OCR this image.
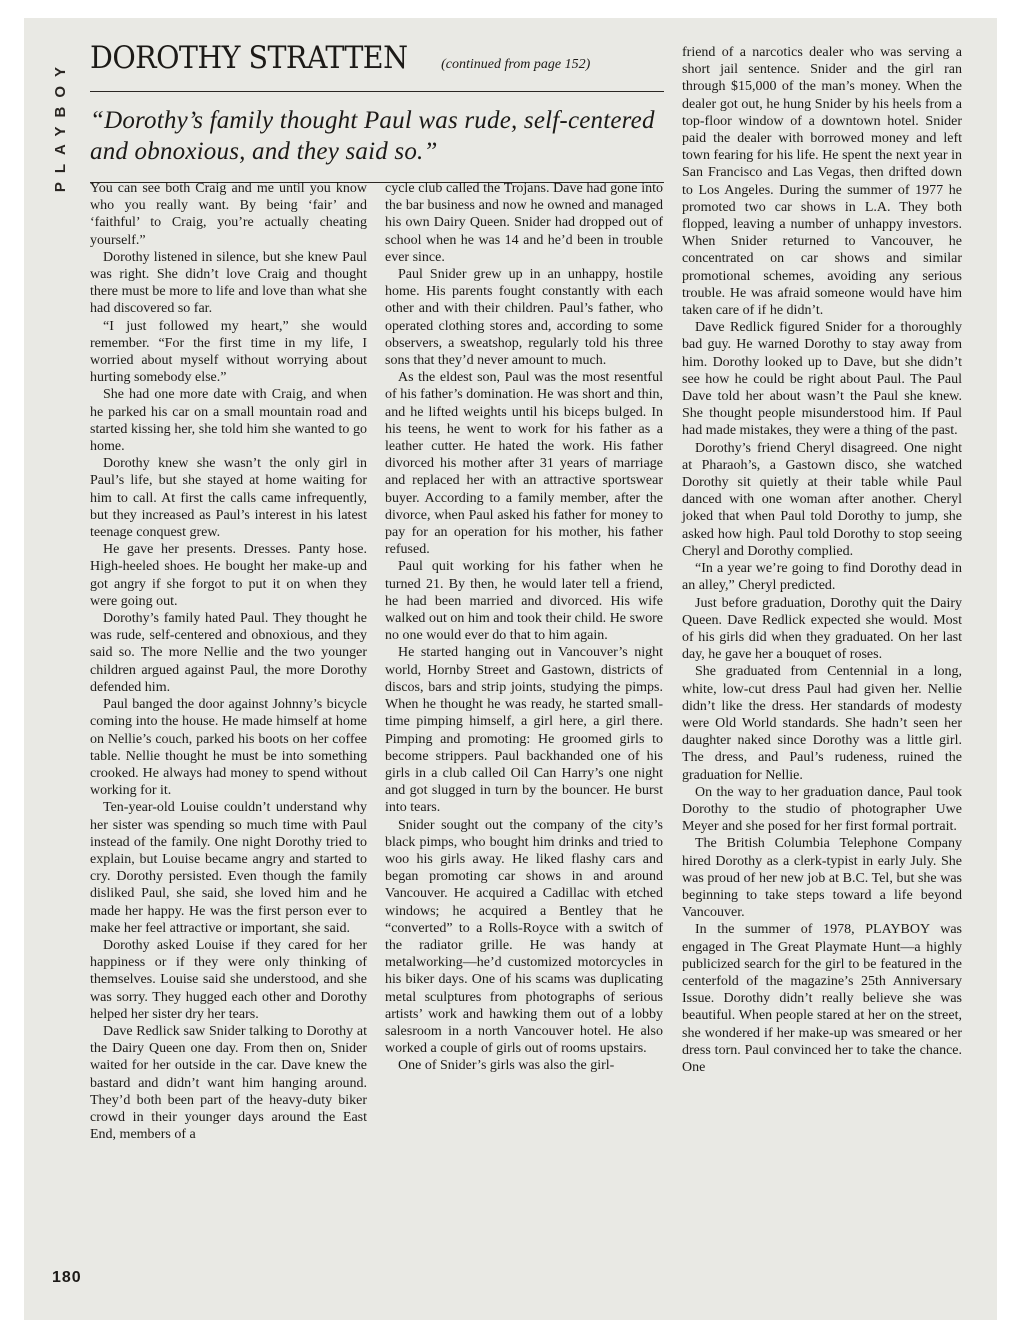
PLAYBOY DOROTHY STRATTEN (continued from page 152)
“Dorothy’s family thought Paul was rude, self-centered and obnoxious, and they said so.”

You can see both Craig and me until you know who you really want. By being ‘fair’ and ‘faithful’ to Craig, you’re actually cheating yourself.”

Dorothy listened in silence, but she knew Paul was right. She didn’t love Craig and thought there must be more to life and love than what she had discovered so far.

“I just followed my heart,” she would remember. “For the first time in my life, I worried about myself without worrying about hurting somebody else.”

She had one more date with Craig, and when he parked his car on a small mountain road and started kissing her, she told him she wanted to go home.

Dorothy knew she wasn’t the only girl in Paul’s life, but she stayed at home waiting for him to call. At first the calls came infrequently, but they increased as Paul’s interest in his latest teenage conquest grew.

He gave her presents. Dresses. Panty hose. High-heeled shoes. He bought her make-up and got angry if she forgot to put it on when they were going out.

Dorothy’s family hated Paul. They thought he was rude, self-centered and obnoxious, and they said so. The more Nellie and the two younger children argued against Paul, the more Dorothy defended him.

Paul banged the door against Johnny’s bicycle coming into the house. He made himself at home on Nellie’s couch, parked his boots on her coffee table. Nellie thought he must be into something crooked. He always had money to spend without working for it.

Ten-year-old Louise couldn’t understand why her sister was spending so much time with Paul instead of the family. One night Dorothy tried to explain, but Louise became angry and started to cry. Dorothy persisted. Even though the family disliked Paul, she said, she loved him and he made her happy. He was the first person ever to make her feel attractive or important, she said.

Dorothy asked Louise if they cared for her happiness or if they were only thinking of themselves. Louise said she understood, and she was sorry. They hugged each other and Dorothy helped her sister dry her tears.

Dave Redlick saw Snider talking to Dorothy at the Dairy Queen one day. From then on, Snider waited for her outside in the car. Dave knew the bastard and didn’t want him hanging around. They’d both been part of the heavy-duty biker crowd in their younger days around the East End, members of a

cycle club called the Trojans. Dave had gone into the bar business and now he owned and managed his own Dairy Queen. Snider had dropped out of school when he was 14 and he’d been in trouble ever since.

Paul Snider grew up in an unhappy, hostile home. His parents fought constantly with each other and with their children. Paul’s father, who operated clothing stores and, according to some observers, a sweatshop, regularly told his three sons that they’d never amount to much.

As the eldest son, Paul was the most resentful of his father’s domination. He was short and thin, and he lifted weights until his biceps bulged. In his teens, he went to work for his father as a leather cutter. He hated the work. His father divorced his mother after 31 years of marriage and replaced her with an attractive sportswear buyer. According to a family member, after the divorce, when Paul asked his father for money to pay for an operation for his mother, his father refused.

Paul quit working for his father when he turned 21. By then, he would later tell a friend, he had been married and divorced. His wife walked out on him and took their child. He swore no one would ever do that to him again.

He started hanging out in Vancouver’s night world, Hornby Street and Gastown, districts of discos, bars and strip joints, studying the pimps. When he thought he was ready, he started small-time pimping himself, a girl here, a girl there. Pimping and promoting: He groomed girls to become strippers. Paul backhanded one of his girls in a club called Oil Can Harry’s one night and got slugged in turn by the bouncer. He burst into tears.

Snider sought out the company of the city’s black pimps, who bought him drinks and tried to woo his girls away. He liked flashy cars and began promoting car shows in and around Vancouver. He acquired a Cadillac with etched windows; he acquired a Bentley that he “converted” to a Rolls-Royce with a switch of the radiator grille. He was handy at metalworking—he’d customized motorcycles in his biker days. One of his scams was duplicating metal sculptures from photographs of serious artists’ work and hawking them out of a lobby salesroom in a north Vancouver hotel. He also worked a couple of girls out of rooms upstairs.

One of Snider’s girls was also the girl-

friend of a narcotics dealer who was serving a short jail sentence. Snider and the girl ran through $15,000 of the man’s money. When the dealer got out, he hung Snider by his heels from a top-floor window of a downtown hotel. Snider paid the dealer with borrowed money and left town fearing for his life. He spent the next year in San Francisco and Las Vegas, then drifted down to Los Angeles. During the summer of 1977 he promoted two car shows in L.A. They both flopped, leaving a number of unhappy investors. When Snider returned to Vancouver, he concentrated on car shows and similar promotional schemes, avoiding any serious trouble. He was afraid someone would have him taken care of if he didn’t.

Dave Redlick figured Snider for a thoroughly bad guy. He warned Dorothy to stay away from him. Dorothy looked up to Dave, but she didn’t see how he could be right about Paul. The Paul Dave told her about wasn’t the Paul she knew. She thought people misunderstood him. If Paul had made mistakes, they were a thing of the past.

Dorothy’s friend Cheryl disagreed. One night at Pharaoh’s, a Gastown disco, she watched Dorothy sit quietly at their table while Paul danced with one woman after another. Cheryl joked that when Paul told Dorothy to jump, she asked how high. Paul told Dorothy to stop seeing Cheryl and Dorothy complied.

“In a year we’re going to find Dorothy dead in an alley,” Cheryl predicted.

Just before graduation, Dorothy quit the Dairy Queen. Dave Redlick expected she would. Most of his girls did when they graduated. On her last day, he gave her a bouquet of roses.

She graduated from Centennial in a long, white, low-cut dress Paul had given her. Nellie didn’t like the dress. Her standards of modesty were Old World standards. She hadn’t seen her daughter naked since Dorothy was a little girl. The dress, and Paul’s rudeness, ruined the graduation for Nellie.

On the way to her graduation dance, Paul took Dorothy to the studio of photographer Uwe Meyer and she posed for her first formal portrait.

The British Columbia Telephone Company hired Dorothy as a clerk-typist in early July. She was proud of her new job at B.C. Tel, but she was beginning to take steps toward a life beyond Vancouver.

In the summer of 1978, PLAYBOY was engaged in The Great Playmate Hunt—a highly publicized search for the girl to be featured in the centerfold of the magazine’s 25th Anniversary Issue. Dorothy didn’t really believe she was beautiful. When people stared at her on the street, she wondered if her make-up was smeared or her dress torn. Paul convinced her to take the chance. One

180
